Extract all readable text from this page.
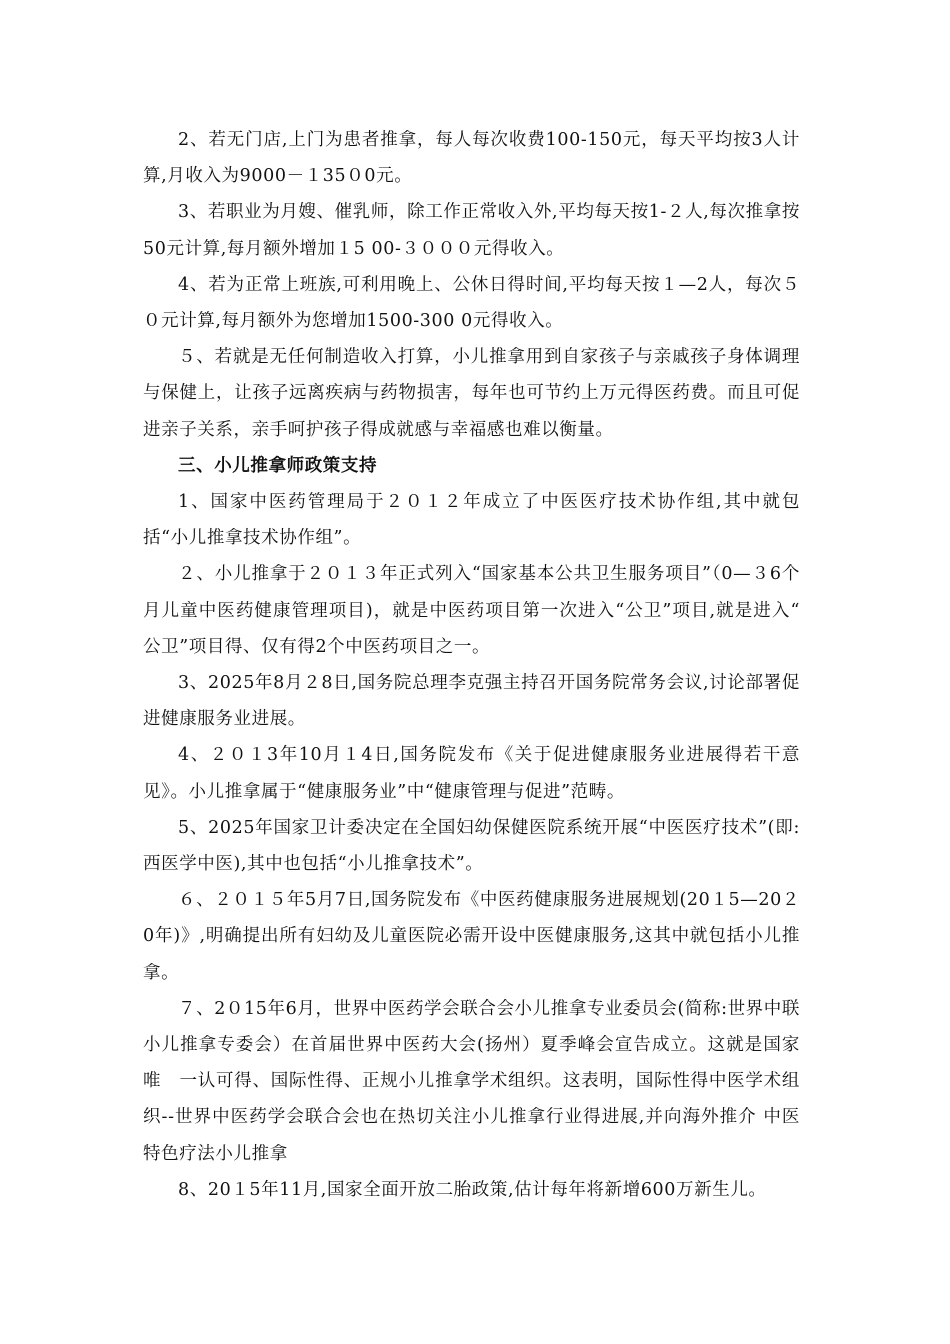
2、若无门店,上门为患者推拿，每人每次收费100-150元，每天平均按3人计算,月收入为9000－１35０0元。

3、若职业为月嫂、催乳师，除工作正常收入外,平均每天按1-２人,每次推拿按50元计算,每月额外增加１5 00-３０００元得收入。

4、若为正常上班族,可利用晚上、公休日得时间,平均每天按１—2人，每次５０元计算,每月额外为您增加1500-300 0元得收入。

５、若就是无任何制造收入打算，小儿推拿用到自家孩子与亲戚孩子身体调理与保健上，让孩子远离疾病与药物损害，每年也可节约上万元得医药费。而且可促进亲子关系，亲手呵护孩子得成就感与幸福感也难以衡量。

三、小儿推拿师政策支持

1、国家中医药管理局于２０１２年成立了中医医疗技术协作组,其中就包括“小儿推拿技术协作组”。

２、小儿推拿于２０１３年正式列入“国家基本公共卫生服务项目”（0—３6个月儿童中医药健康管理项目)，就是中医药项目第一次进入“公卫”项目,就是进入“　公卫”项目得、仅有得2个中医药项目之一。

3、2025年8月２8日,国务院总理李克强主持召开国务院常务会议,讨论部署促进健康服务业进展。

4、２０１3年10月１4日,国务院发布《关于促进健康服务业进展得若干意见》。小儿推拿属于“健康服务业”中“健康管理与促进”范畴。

5、2025年国家卫计委决定在全国妇幼保健医院系统开展“中医医疗技术”(即:西医学中医),其中也包括“小儿推拿技术”。

６、２０１５年5月7日,国务院发布《中医药健康服务进展规划(20１5—20２0年)》,明确提出所有妇幼及儿童医院必需开设中医健康服务,这其中就包括小儿推拿。

７、2０15年6月，世界中医药学会联合会小儿推拿专业委员会(简称:世界中联小儿推拿专委会）在首届世界中医药大会(扬州）夏季峰会宣告成立。这就是国家唯　一认可得、国际性得、正规小儿推拿学术组织。这表明，国际性得中医学术组织--世界中医药学会联合会也在热切关注小儿推拿行业得进展,并向海外推介 中医特色疗法小儿推拿

8、20１5年11月,国家全面开放二胎政策,估计每年将新增600万新生儿。
